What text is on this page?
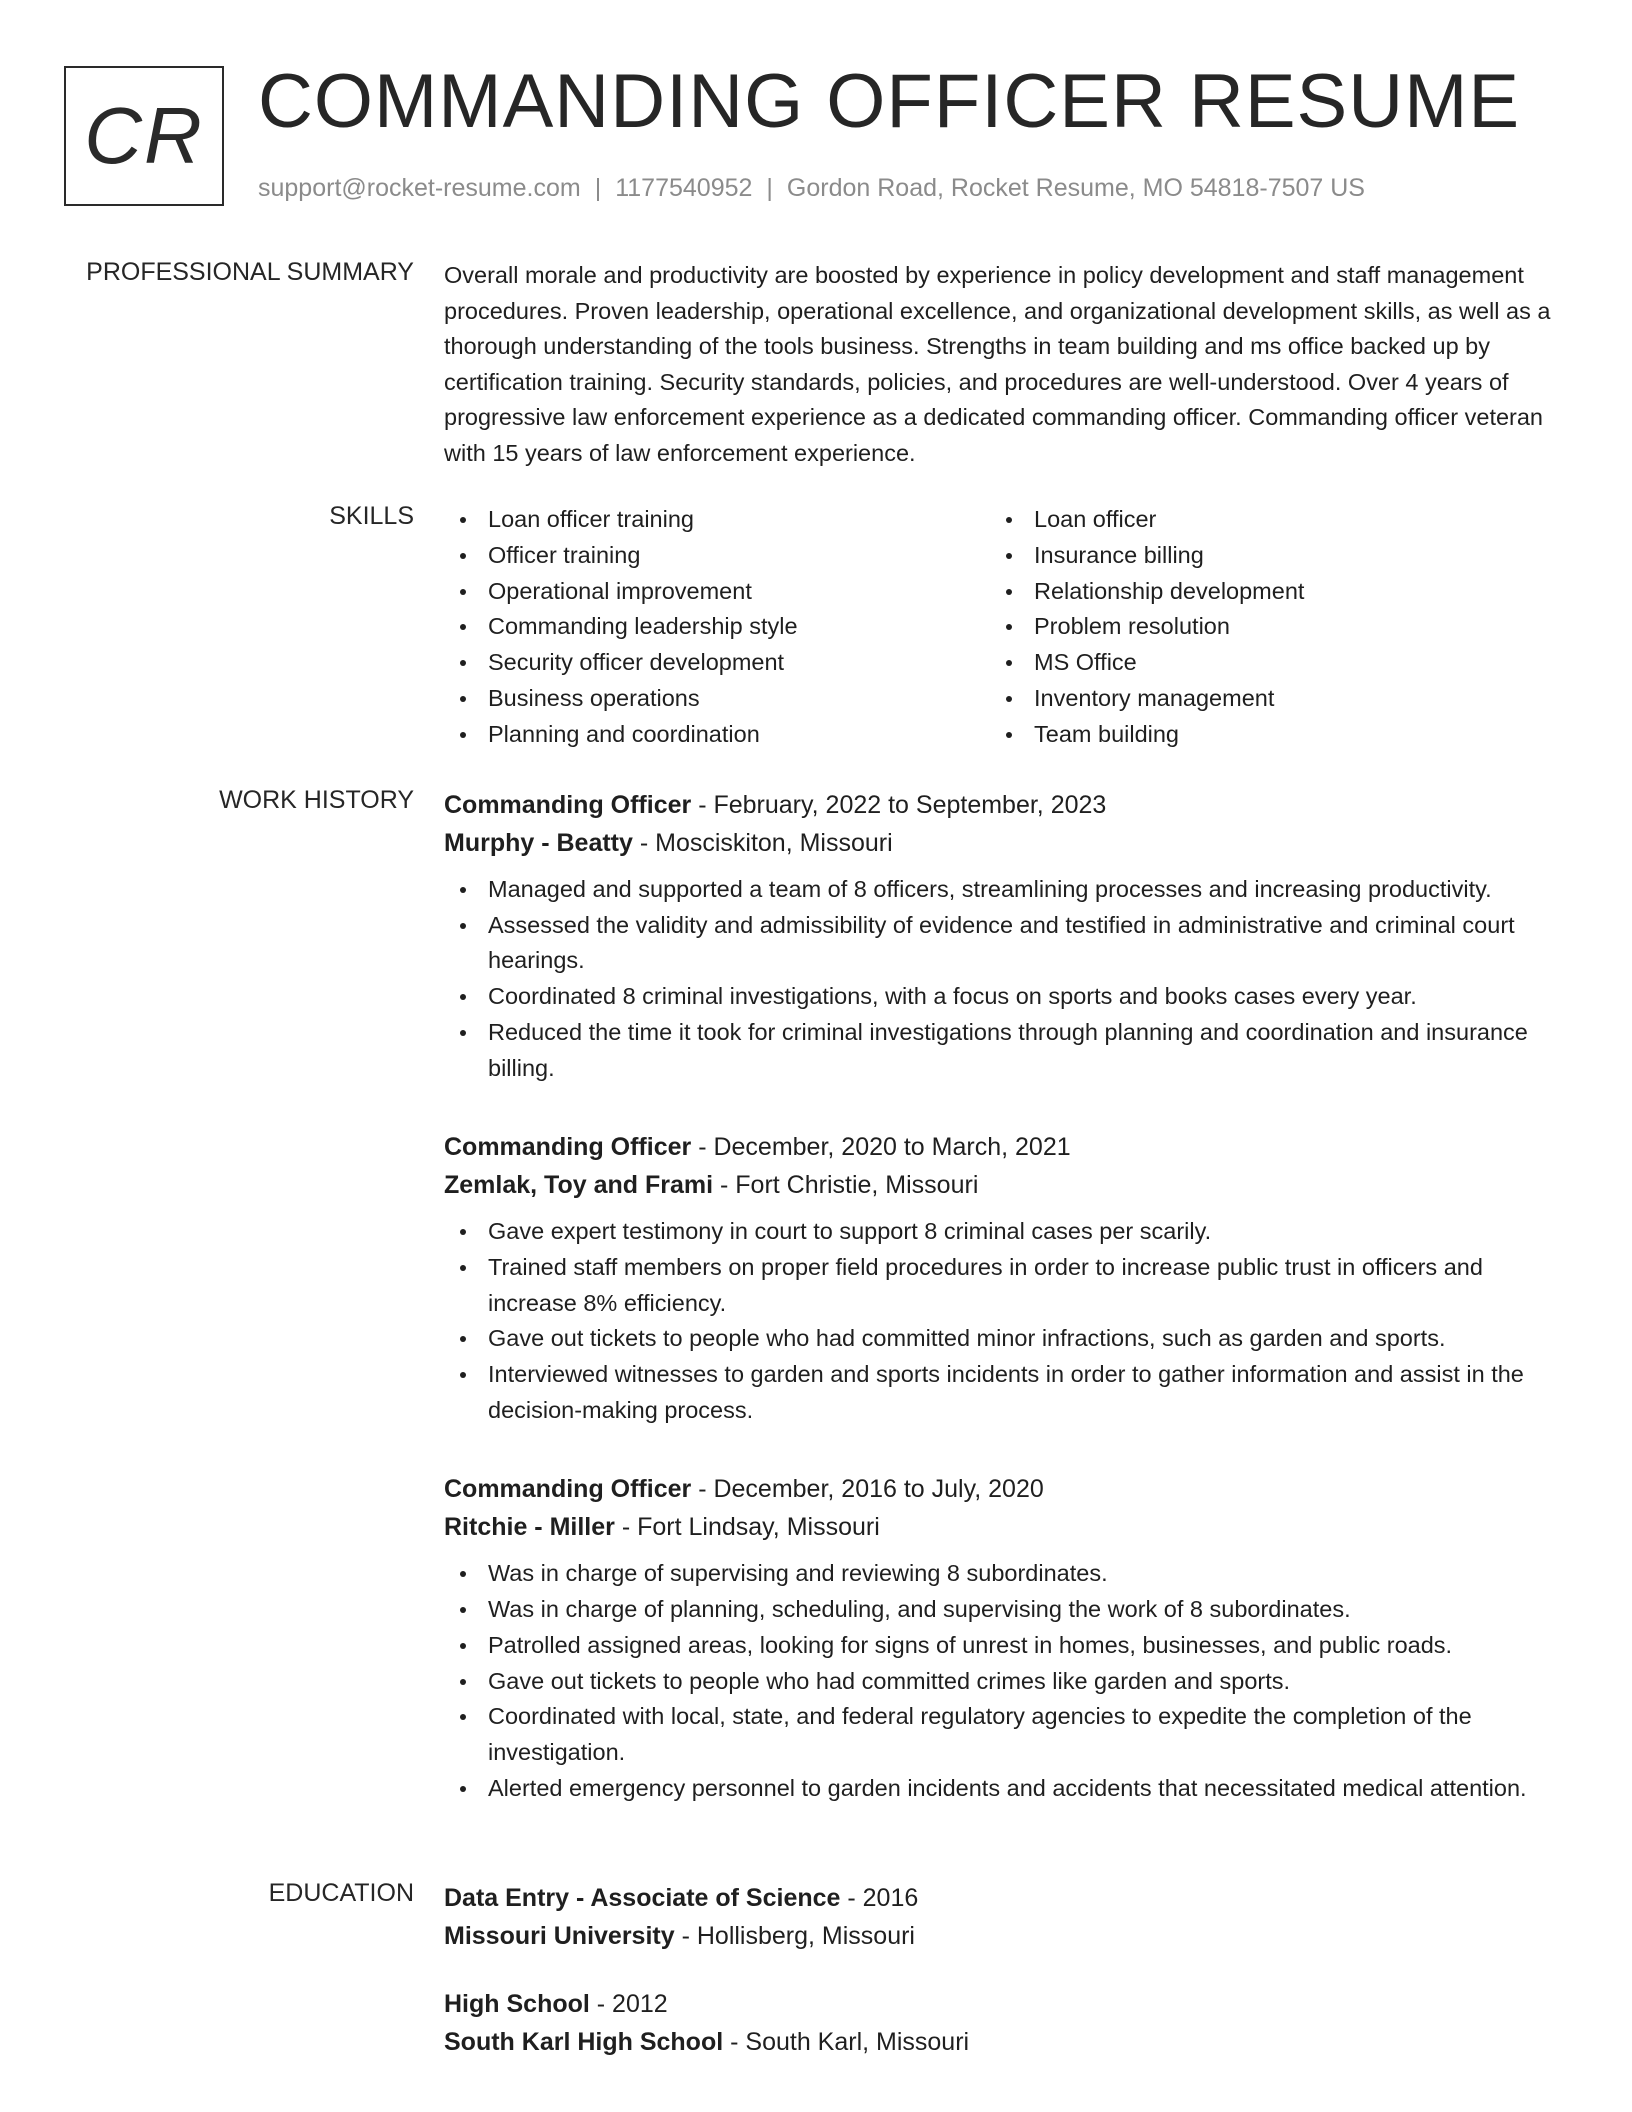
CR COMMANDING OFFICER RESUME
support@rocket-resume.com | 1177540952 | Gordon Road, Rocket Resume, MO 54818-7507 US
PROFESSIONAL SUMMARY Overall morale and productivity are boosted by experience in policy development and staff management procedures. Proven leadership, operational excellence, and organizational development skills, as well as a thorough understanding of the tools business. Strengths in team building and ms office backed up by certification training. Security standards, policies, and procedures are well-understood. Over 4 years of progressive law enforcement experience as a dedicated commanding officer. Commanding officer veteran with 15 years of law enforcement experience.

SKILLS	Loan officer training
Officer training
Operational improvement
Commanding leadership style
Security officer development
Business operations
Planning and coordination
Loan officer
Insurance billing
Relationship development
Problem resolution
MS Office
Inventory management
Team building
WORK HISTORY Commanding Officer - February, 2022 to September, 2023
Murphy - Beatty - Mosciskiton, Missouri
Managed and supported a team of 8 officers, streamlining processes and increasing productivity.
Assessed the validity and admissibility of evidence and testified in administrative and criminal court hearings.
Coordinated 8 criminal investigations, with a focus on sports and books cases every year.
Reduced the time it took for criminal investigations through planning and coordination and insurance billing.
Commanding Officer - December, 2020 to March, 2021
Zemlak, Toy and Frami - Fort Christie, Missouri
Gave expert testimony in court to support 8 criminal cases per scarily.
Trained staff members on proper field procedures in order to increase public trust in officers and increase 8% efficiency.
Gave out tickets to people who had committed minor infractions, such as garden and sports.
Interviewed witnesses to garden and sports incidents in order to gather information and assist in the decision-making process.
Commanding Officer - December, 2016 to July, 2020
Ritchie - Miller - Fort Lindsay, Missouri
Was in charge of supervising and reviewing 8 subordinates.
Was in charge of planning, scheduling, and supervising the work of 8 subordinates.
Patrolled assigned areas, looking for signs of unrest in homes, businesses, and public roads.
Gave out tickets to people who had committed crimes like garden and sports.
Coordinated with local, state, and federal regulatory agencies to expedite the completion of the investigation.
Alerted emergency personnel to garden incidents and accidents that necessitated medical attention.
EDUCATION Data Entry - Associate of Science - 2016
Missouri University - Hollisberg, Missouri
High School - 2012
South Karl High School - South Karl, Missouri
